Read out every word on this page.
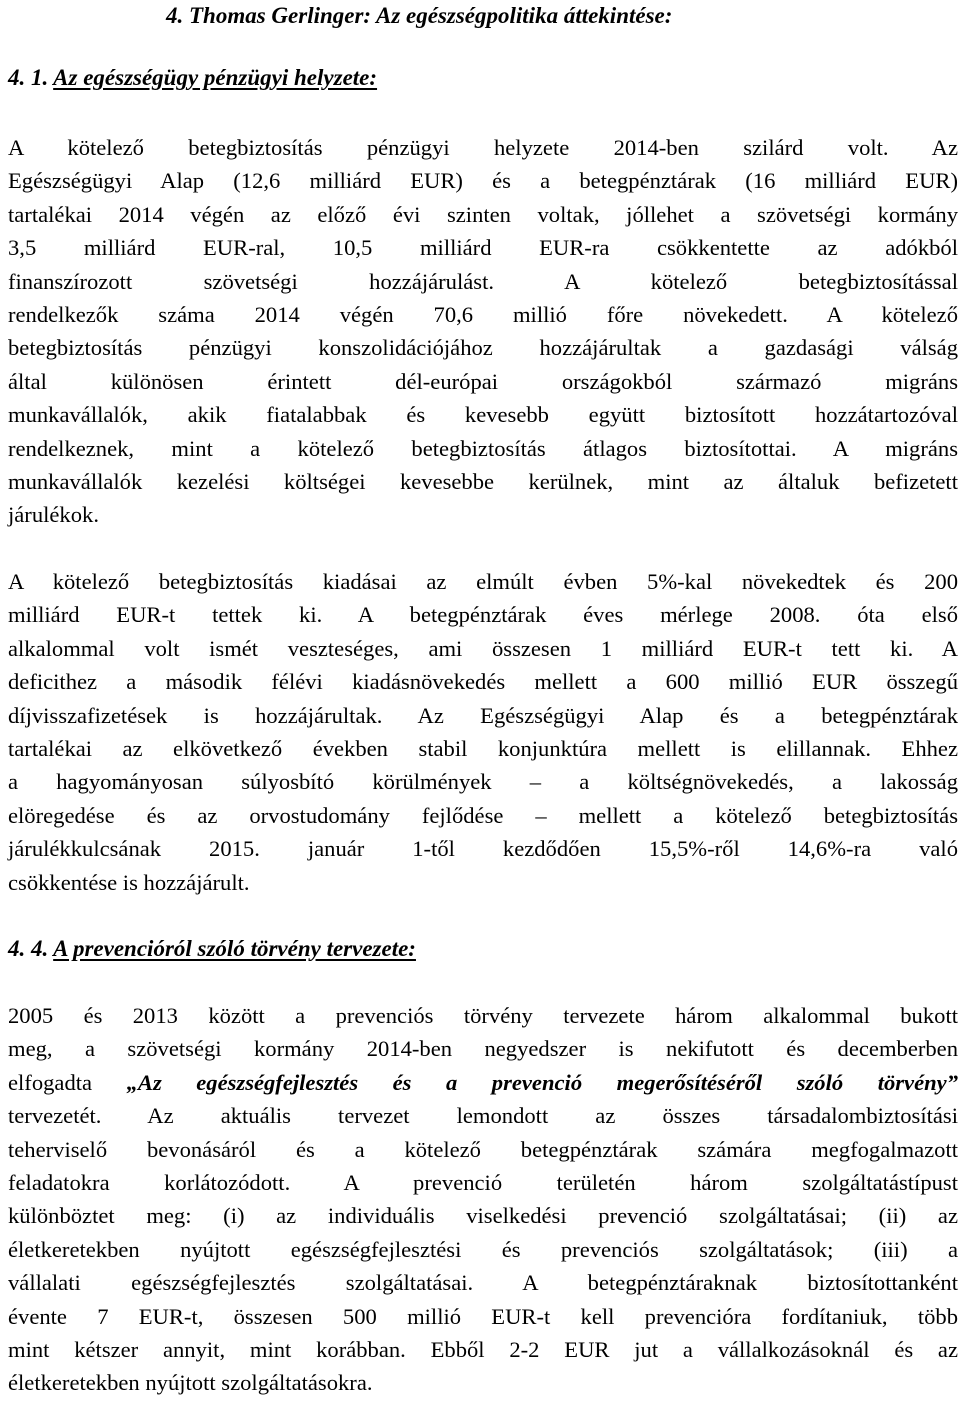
4. Thomas Gerlinger: Az egészségpolitika áttekintése:
4. 1. Az egészségügy pénzügyi helyzete:
A kötelező betegbiztosítás pénzügyi helyzete 2014-ben szilárd volt. Az
Egészségügyi Alap (12,6 milliárd EUR) és a betegpénztárak (16 milliárd EUR)
tartalékai 2014 végén az előző évi szinten voltak, jóllehet a szövetségi kormány
3,5 milliárd EUR-ral, 10,5 milliárd EUR-ra csökkentette az adókból
finanszírozott szövetségi hozzájárulást. A kötelező betegbiztosítással
rendelkezők száma 2014 végén 70,6 millió főre növekedett. A kötelező
betegbiztosítás pénzügyi konszolidációjához hozzájárultak a gazdasági válság
által különösen érintett dél-európai országokból származó migráns
munkavállalók, akik fiatalabbak és kevesebb együtt biztosított hozzátartozóval
rendelkeznek, mint a kötelező betegbiztosítás átlagos biztosítottai. A migráns
munkavállalók kezelési költségei kevesebbe kerülnek, mint az általuk befizetett
járulékok.
A kötelező betegbiztosítás kiadásai az elmúlt évben 5%-kal növekedtek és 200
milliárd EUR-t tettek ki. A betegpénztárak éves mérlege 2008. óta első
alkalommal volt ismét veszteséges, ami összesen 1 milliárd EUR-t tett ki. A
deficithez a második félévi kiadásnövekedés mellett a 600 millió EUR összegű
díjvisszafizetések is hozzájárultak. Az Egészségügyi Alap és a betegpénztárak
tartalékai az elkövetkező években stabil konjunktúra mellett is elillannak. Ehhez
a hagyományosan súlyosbító körülmények – a költségnövekedés, a lakosság
elöregedése és az orvostudomány fejlődése – mellett a kötelező betegbiztosítás
járulékkulcsának 2015. január 1-től kezdődően 15,5%-ről 14,6%-ra való
csökkentése is hozzájárult.
4. 4. A prevencióról szóló törvény tervezete:
2005 és 2013 között a prevenciós törvény tervezete három alkalommal bukott
meg, a szövetségi kormány 2014-ben negyedszer is nekifutott és decemberben
elfogadta „Az egészségfejlesztés és a prevenció megerősítéséről szóló törvény”
tervezetét. Az aktuális tervezet lemondott az összes társadalombiztosítási
teherviselő bevonásáról és a kötelező betegpénztárak számára megfogalmazott
feladatokra korlátozódott. A prevenció területén három szolgáltatástípust
különböztet meg: (i) az individuális viselkedési prevenció szolgáltatásai; (ii) az
életkeretekben nyújtott egészségfejlesztési és prevenciós szolgáltatások; (iii) a
vállalati egészségfejlesztés szolgáltatásai. A betegpénztáraknak biztosítottanként
évente 7 EUR-t, összesen 500 millió EUR-t kell prevencióra fordítaniuk, több
mint kétszer annyit, mint korábban. Ebből 2-2 EUR jut a vállalkozásoknál és az
életkeretekben nyújtott szolgáltatásokra.
